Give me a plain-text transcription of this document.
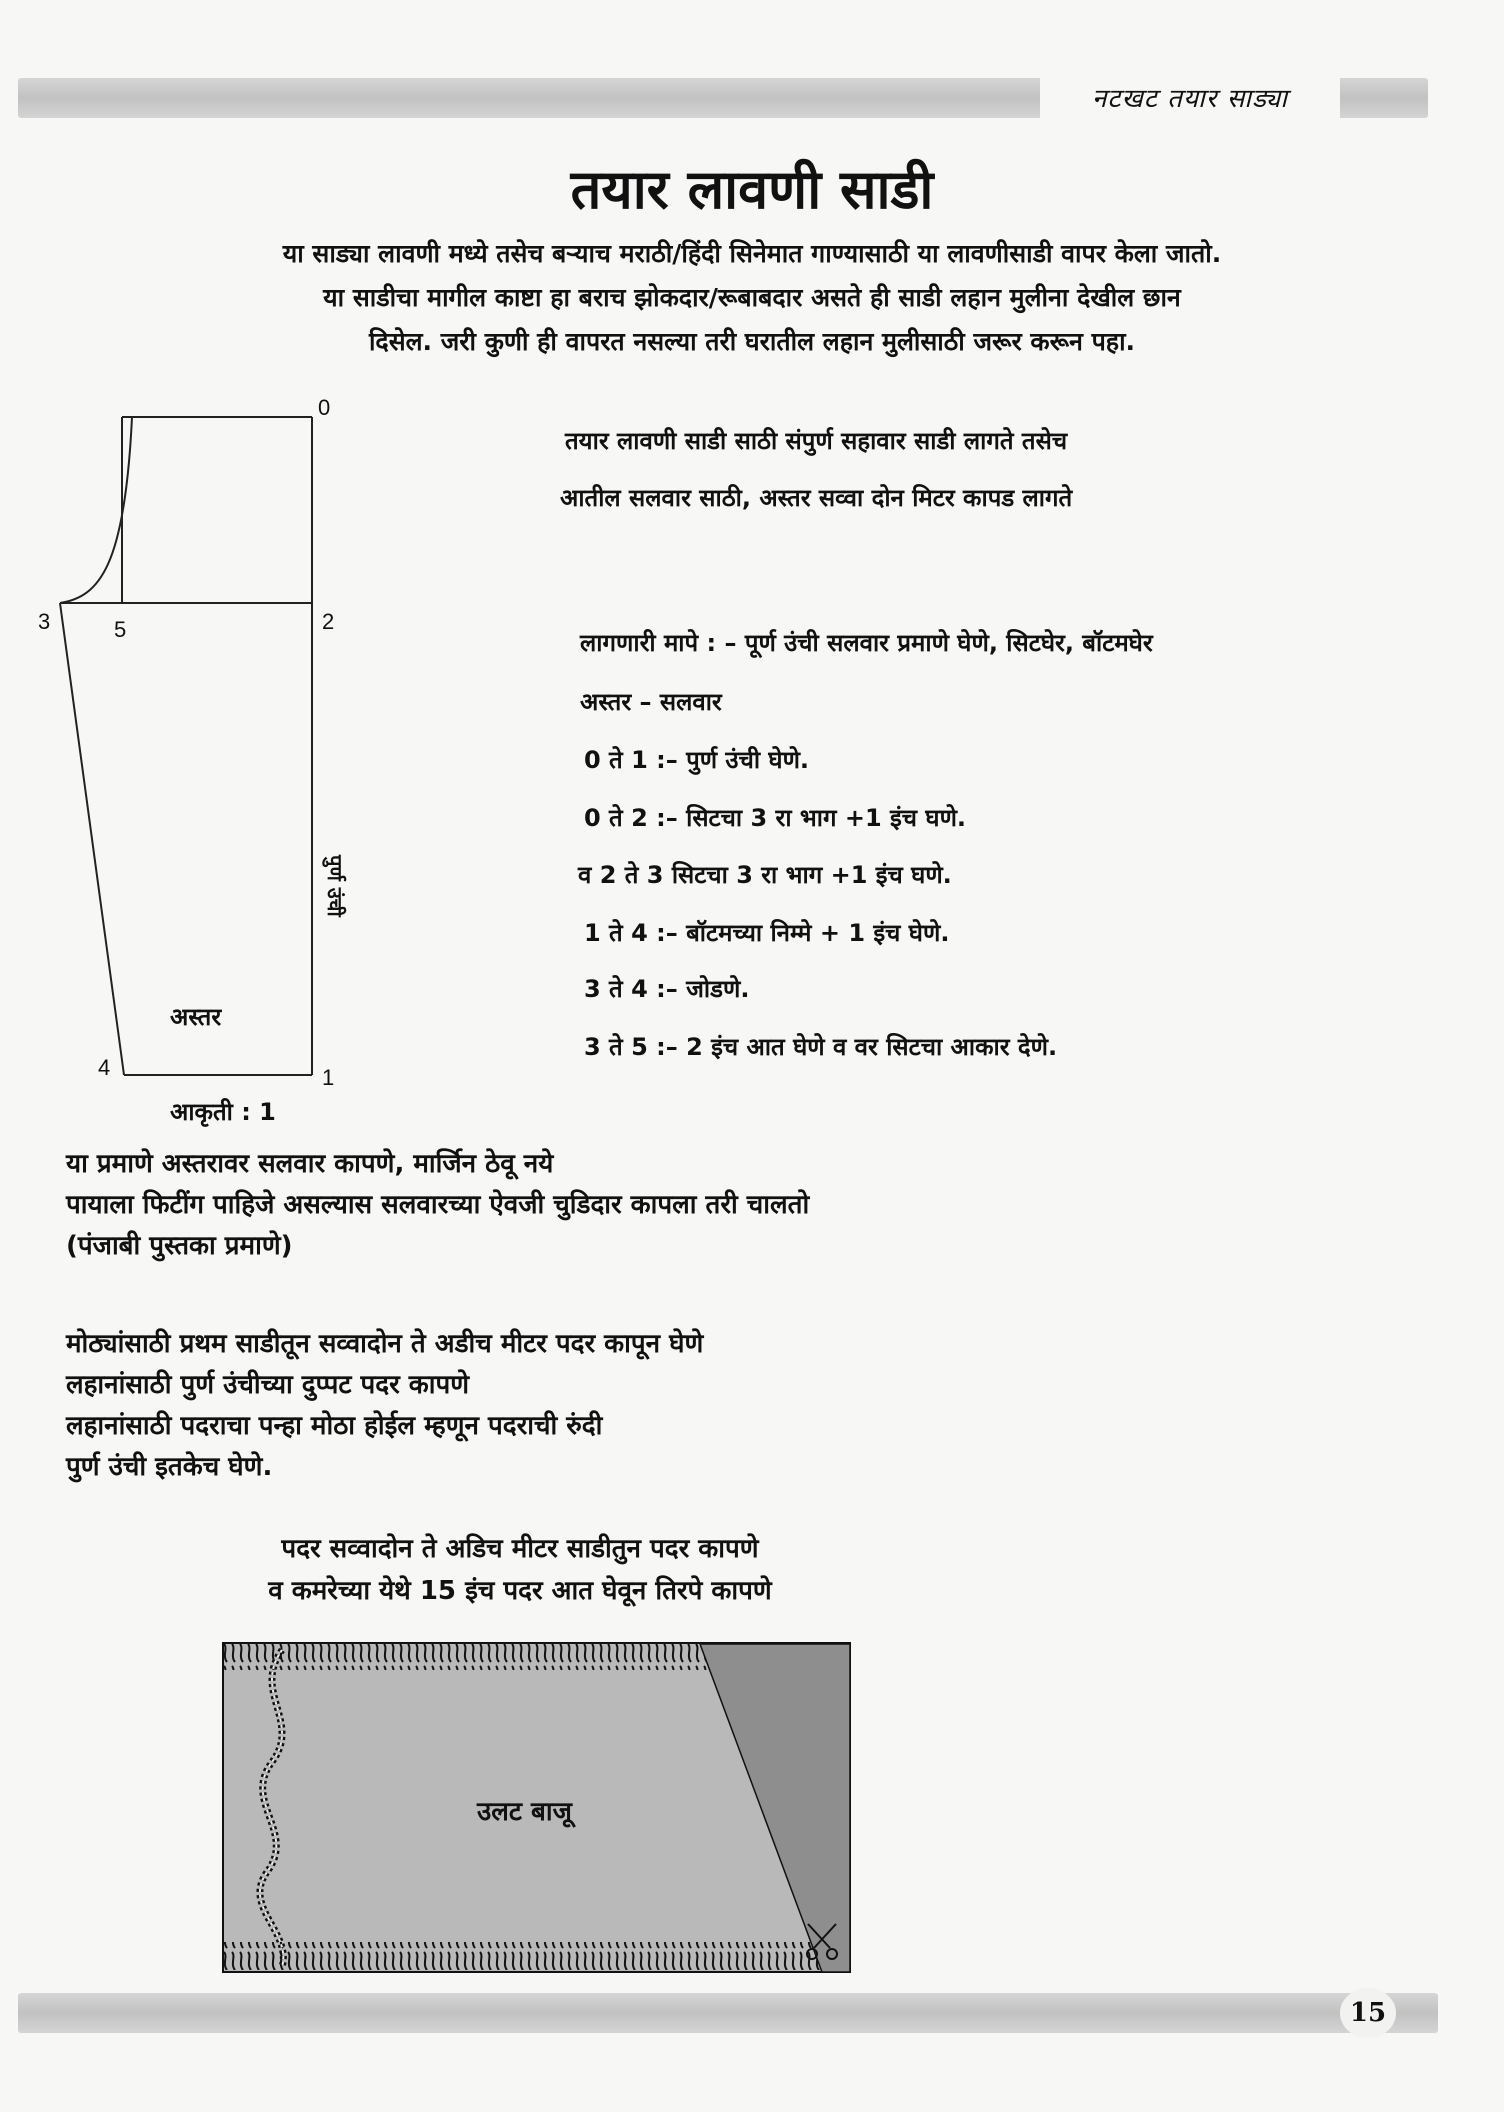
नटखट तयार साड्या
तयार लावणी साडी
या साड्या लावणी मध्ये तसेच बऱ्याच मराठी/हिंदी सिनेमात गाण्यासाठी या लावणीसाडी वापर केला जातो.
या साडीचा मागील काष्टा हा बराच झोकदार/रूबाबदार असते ही साडी लहान मुलीना देखील छान
दिसेल. जरी कुणी ही वापरत नसल्या तरी घरातील लहान मुलीसाठी जरूर करून पहा.
0
2
3	5
4	1
पुर्ण उंची
अस्तर
आकृती : 1
तयार लावणी साडी साठी संपुर्ण सहावार साडी लागते तसेच
आतील सलवार साठी, अस्तर सव्वा दोन मिटर कापड लागते
लागणारी मापे : – पूर्ण उंची सलवार प्रमाणे घेणे, सिटघेर, बॉटमघेर
अस्तर – सलवार
0 ते 1 :– पुर्ण उंची घेणे.
0 ते 2 :– सिटचा 3 रा भाग +1 इंच घणे.
व 2 ते 3 सिटचा 3 रा भाग +1 इंच घणे.
1 ते 4 :– बॉटमच्या निम्मे + 1 इंच घेणे.
3 ते 4 :– जोडणे.
3 ते 5 :– 2 इंच आत घेणे व वर सिटचा आकार देणे.
या प्रमाणे अस्तरावर सलवार कापणे, मार्जिन ठेवू नये
पायाला फिटींग पाहिजे असल्यास सलवारच्या ऐवजी चुडिदार कापला तरी चालतो
(पंजाबी पुस्तका प्रमाणे)
मोठ्यांसाठी प्रथम साडीतून सव्वादोन ते अडीच मीटर पदर कापून घेणे
लहानांसाठी पुर्ण उंचीच्या दुप्पट पदर कापणे
लहानांसाठी पदराचा पन्हा मोठा होईल म्हणून पदराची रुंदी
पुर्ण उंची इतकेच घेणे.
पदर सव्वादोन ते अडिच मीटर साडीतुन पदर कापणे
व कमरेच्या येथे 15 इंच पदर आत घेवून तिरपे कापणे
उलट बाजू
15
